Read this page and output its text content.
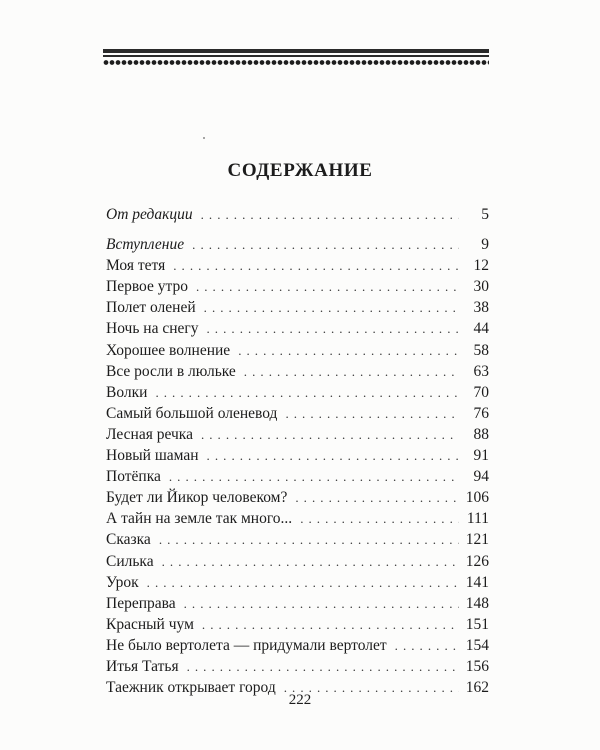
СОДЕРЖАНИЕ
От редакции . . .	5
Вступление . . .	9
Моя тетя . . .	12
Первое утро . . .	30
Полет оленей . . .	38
Ночь на снегу . . .	44
Хорошее волнение . . .	58
Все росли в люльке . . .	63
Волки . . .	70
Самый большой оленевод . . .	76
Лесная речка . . .	88
Новый шаман . . .	91
Потёпка . . .	94
Будет ли Йикор человеком? . . .	106
А тайн на земле так много... . . .	111
Сказка . . .	121
Силька . . .	126
Урок . . .	141
Переправа . . .	148
Красный чум . . .	151
Не было вертолета — придумали вертолет . . .	154
Итья Татья . . .	156
Таежник открывает город . . .	162
222
